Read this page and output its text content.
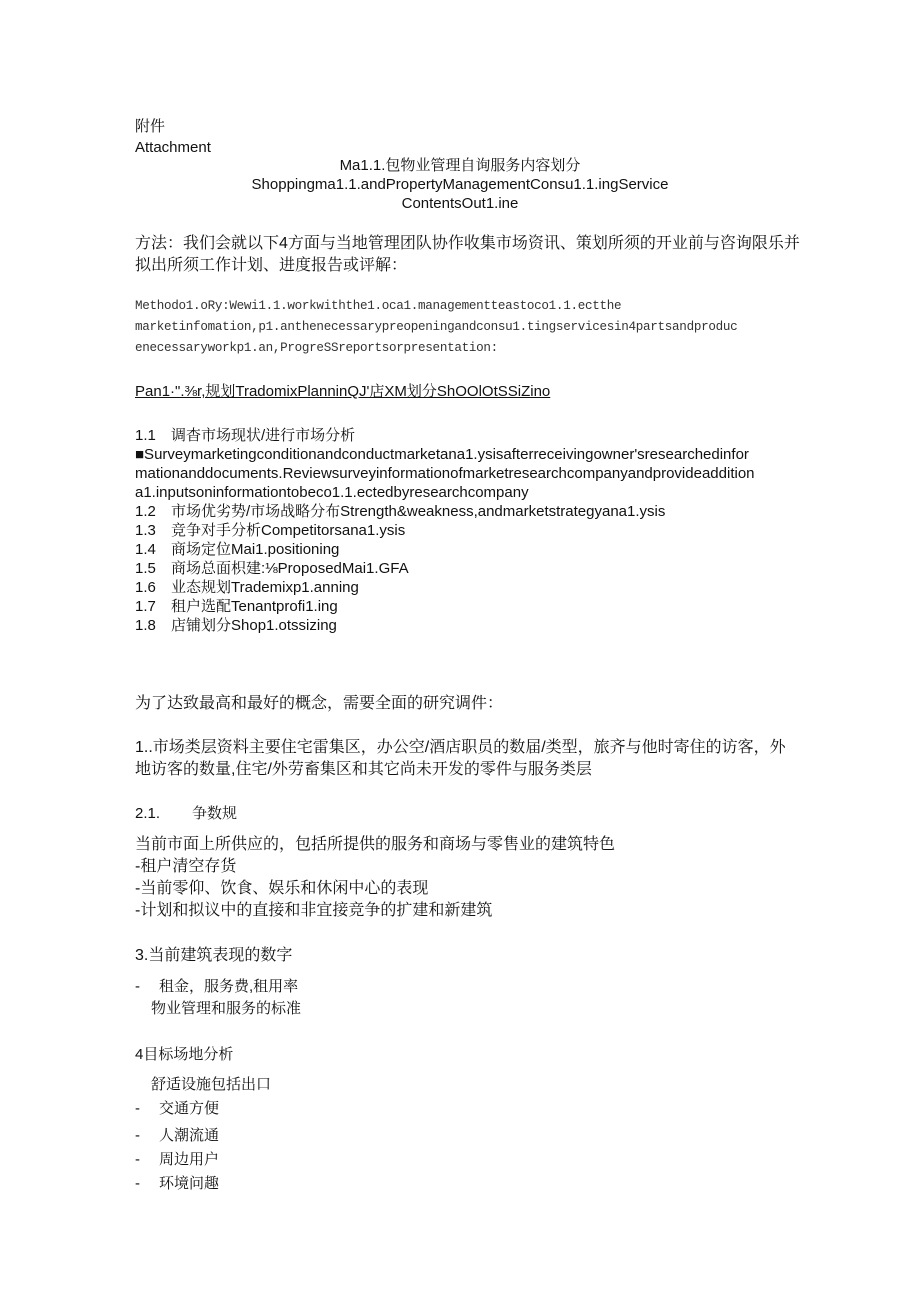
附件
Attachment
Ma1.1.包物业管理自询服务内容划分
Shoppingma1.1.andPropertyManagementConsu1.1.ingService
ContentsOut1.ine
方法：我们会就以下4方面与当地管理团队协作收集市场资讯、策划所须的开业前与咨询限乐并
拟出所须工作计划、进度报告或评解：
Methodo1.oRy:Wewi1.1.workwiththe1.oca1.managementteastoco1.1.ectthe
marketinfomation,p1.anthenecessarypreopeningandconsu1.tingservicesin4partsandproduc
enecessaryworkp1.an,ProgreSSreportsorpresentation:
Pan1·".⅜r,规划TradomixPlanninQJ'店XM划分ShOOlOtSSiZino
1.1 调杳市场现状/进行市场分析
■Surveymarketingconditionandconductmarketana1.ysisafterreceivingowner'sresearchedinfor
mationanddocuments.Reviewsurveyinformationofmarketresearchcompanyandprovideaddition
a1.inputsoninformationtobeco1.1.ectedbyresearchcompany
1.2 市场优劣势/市场战略分布Strength&weakness,andmarketstrategyana1.ysis
1.3 竞争对手分析Competitorsana1.ysis
1.4 商场定位Mai1.positioning
1.5 商场总面枳建:⅛ProposedMai1.GFA
1.6 业态规划Trademixp1.anning
1.7 租户选配Tenantprofi1.ing
1.8 店铺划分Shop1.otssizing
为了达致最高和最好的概念，需要全面的研究调件：
1..市场类层资料主要住宅雷集区，办公空/酒店职员的数届/类型，旅齐与他时寄住的访客，外
地访客的数量,住宅/外劳畜集区和其它尚未开发的零件与服务类层
2.1. 争数规
当前市面上所供应的，包括所提供的服务和商场与零售业的建筑特色
-租户清空存货
-当前零仰、饮食、娱乐和休闲中心的表现
-计划和拟议中的直接和非宜接竞争的扩建和新建筑
3.当前建筑表现的数字
- 租金，服务费,租用率
物业管理和服务的标准
4目标场地分析
舒适设施包括出口
- 交通方便
- 人潮流通
- 周边用户
- 环境问趣
